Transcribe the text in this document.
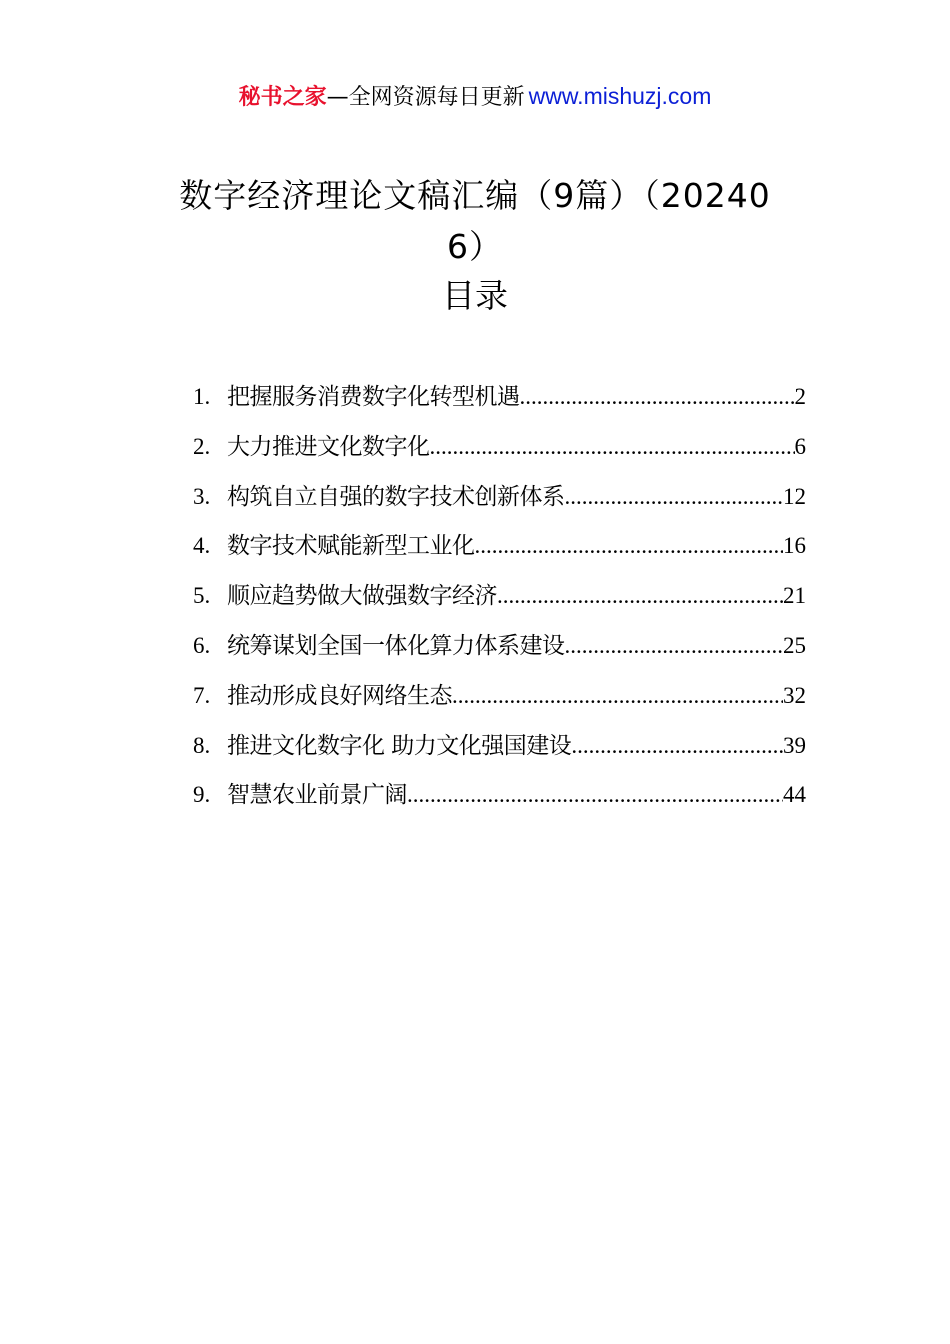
秘书之家—全网资源每日更新 www.mishuzj.com
数字经济理论文稿汇编（9篇）（20240
6）
目录
1. 把握服务消费数字化转型机遇 .....	2
2. 大力推进文化数字化 .....	6
3. 构筑自立自强的数字技术创新体系 .....	12
4. 数字技术赋能新型工业化 .....	16
5. 顺应趋势做大做强数字经济 .....	21
6. 统筹谋划全国一体化算力体系建设 .....	25
7. 推动形成良好网络生态 .....	32
8. 推进文化数字化 助力文化强国建设 .....	39
9. 智慧农业前景广阔 .....	44
